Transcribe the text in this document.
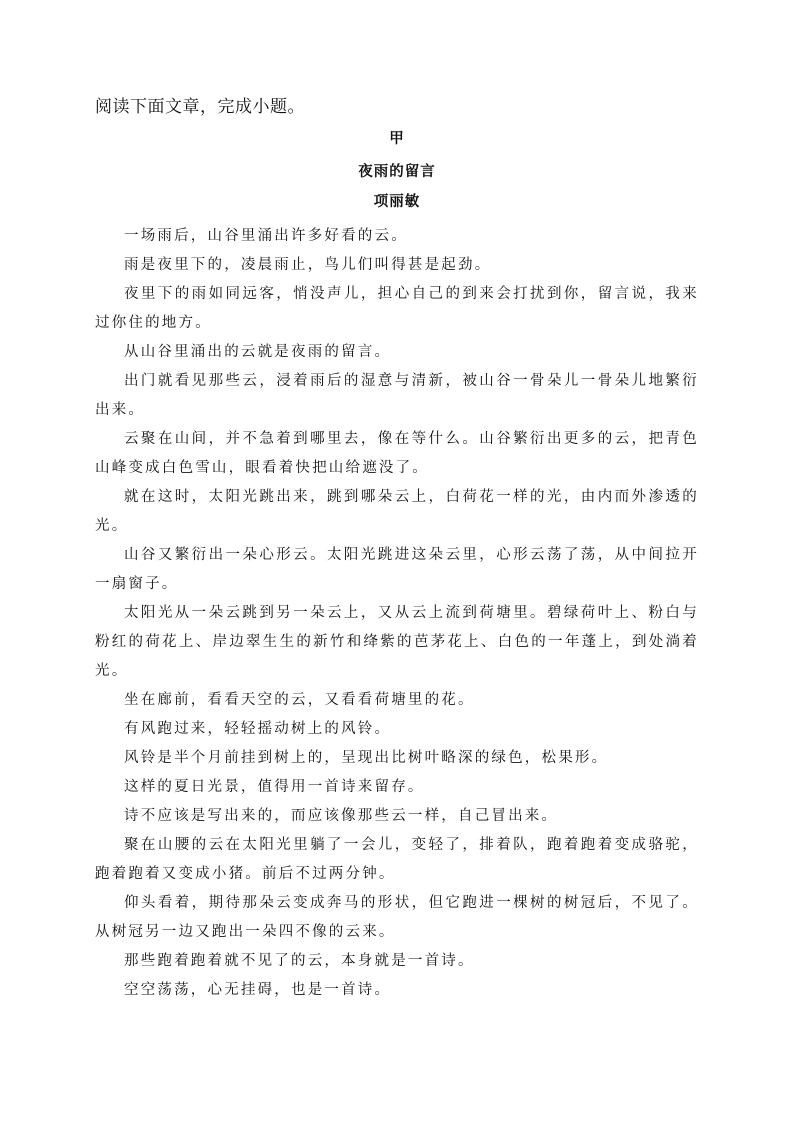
阅读下面文章，完成小题。
甲
夜雨的留言
项丽敏

一场雨后，山谷里涌出许多好看的云。

雨是夜里下的，凌晨雨止，鸟儿们叫得甚是起劲。

夜里下的雨如同远客，悄没声儿，担心自己的到来会打扰到你，留言说，我来过你住的地方。

从山谷里涌出的云就是夜雨的留言。

出门就看见那些云，浸着雨后的湿意与清新，被山谷一骨朵儿一骨朵儿地繁衍出来。

云聚在山间，并不急着到哪里去，像在等什么。山谷繁衍出更多的云，把青色山峰变成白色雪山，眼看着快把山给遮没了。

就在这时，太阳光跳出来，跳到哪朵云上，白荷花一样的光，由内而外渗透的光。

山谷又繁衍出一朵心形云。太阳光跳进这朵云里，心形云荡了荡，从中间拉开一扇窗子。

太阳光从一朵云跳到另一朵云上，又从云上流到荷塘里。碧绿荷叶上、粉白与粉红的荷花上、岸边翠生生的新竹和绛紫的芭茅花上、白色的一年蓬上，到处淌着光。

坐在廊前，看看天空的云，又看看荷塘里的花。

有风跑过来，轻轻摇动树上的风铃。

风铃是半个月前挂到树上的，呈现出比树叶略深的绿色，松果形。

这样的夏日光景，值得用一首诗来留存。

诗不应该是写出来的，而应该像那些云一样，自己冒出来。

聚在山腰的云在太阳光里躺了一会儿，变轻了，排着队，跑着跑着变成骆驼，跑着跑着又变成小猪。前后不过两分钟。

仰头看着，期待那朵云变成奔马的形状，但它跑进一棵树的树冠后，不见了。从树冠另一边又跑出一朵四不像的云来。

那些跑着跑着就不见了的云，本身就是一首诗。

空空荡荡，心无挂碍，也是一首诗。
